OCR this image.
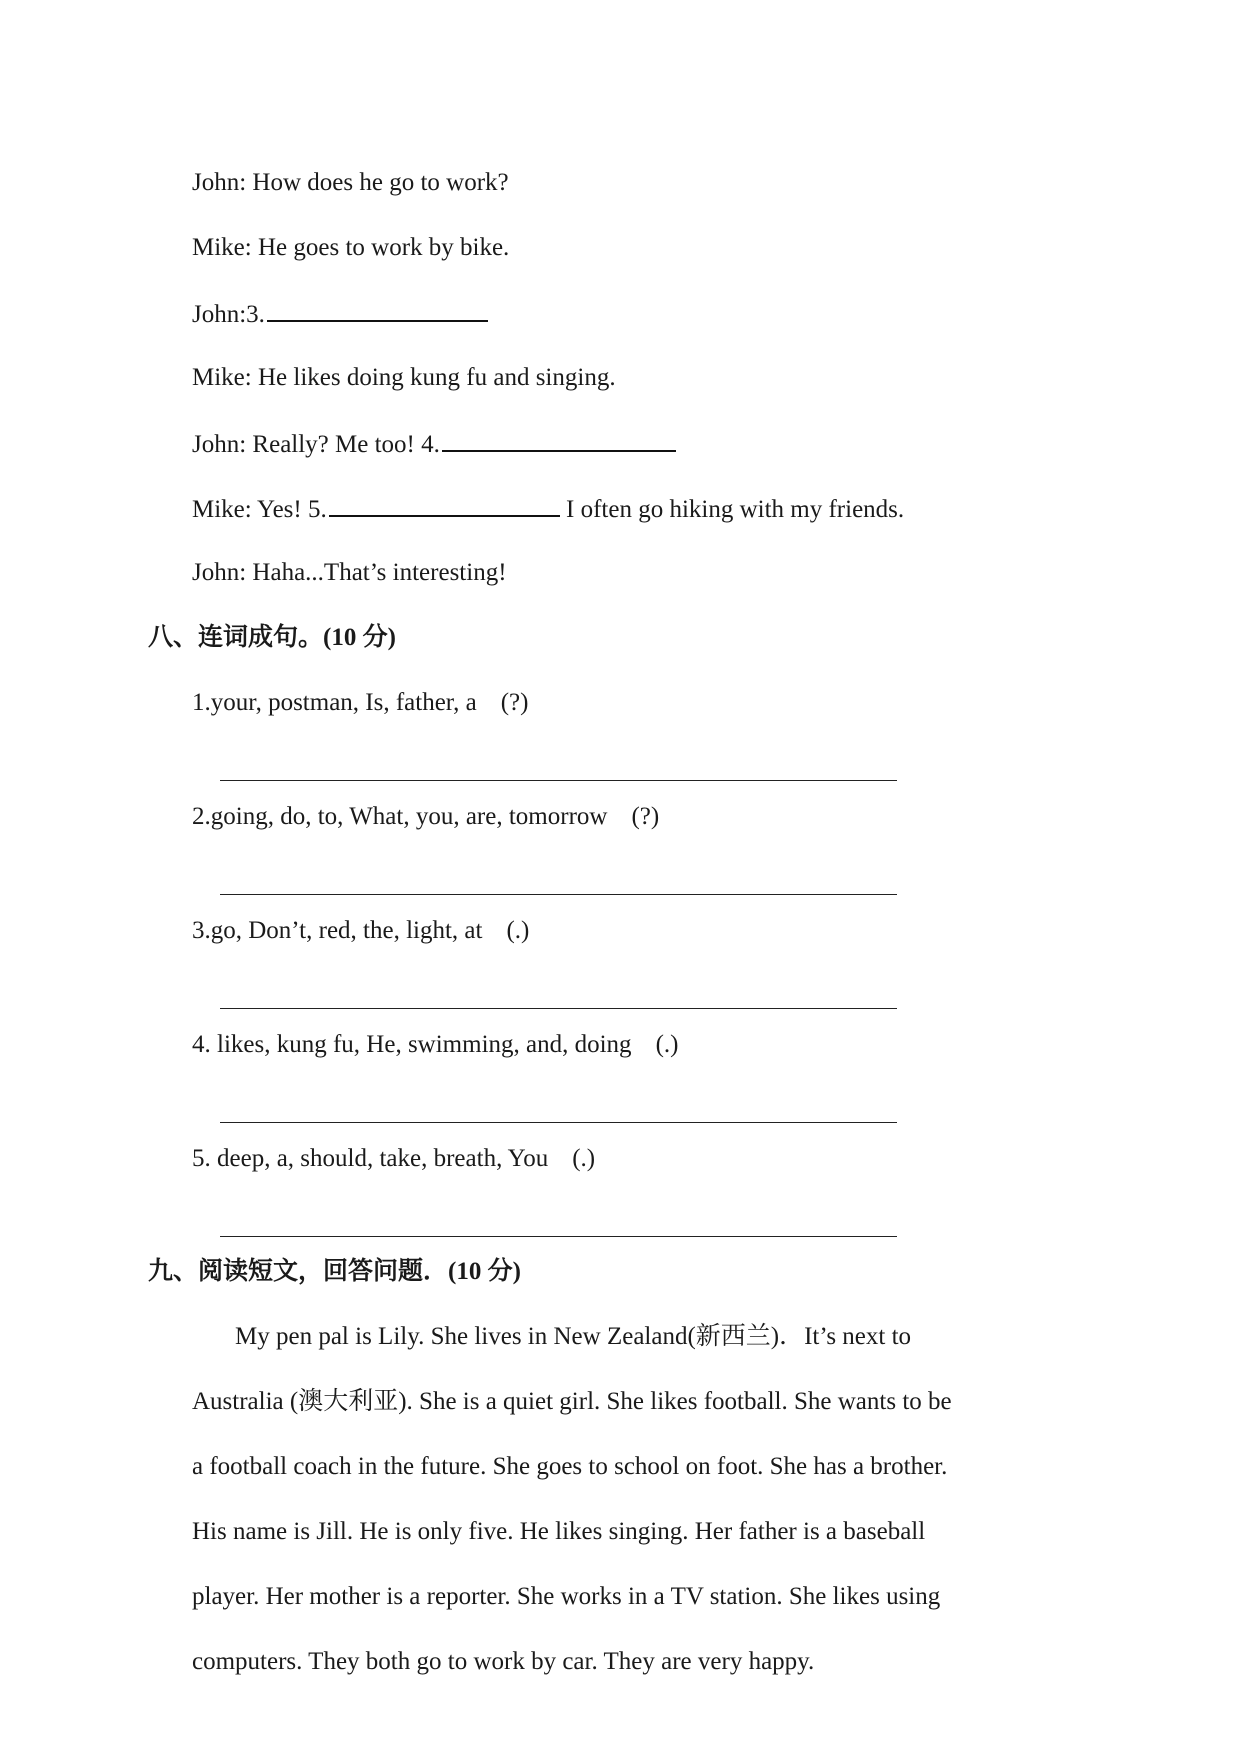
John: How does he go to work?
Mike: He goes to work by bike.
John:3.
Mike: He likes doing kung fu and singing.
John: Really? Me too! 4.
Mike: Yes! 5.	I often go hiking with my friends.
John: Haha...That’s interesting!
八、连词成句。(10 分)
1.your, postman, Is, father, a (?)
2.going, do, to, What, you, are, tomorrow (?)
3.go, Don’t, red, the, light, at (.)
4. likes, kung fu, He, swimming, and, doing (.)
5. deep, a, should, take, breath, You (.)
九、阅读短文，回答问题．(10 分)
My pen pal is Lily. She lives in New Zealand(新西兰)．It’s next to
Australia (澳大利亚). She is a quiet girl. She likes football. She wants to be
a football coach in the future. She goes to school on foot. She has a brother.
His name is Jill. He is only five. He likes singing. Her father is a baseball
player. Her mother is a reporter. She works in a TV station. She likes using
computers. They both go to work by car. They are very happy.
